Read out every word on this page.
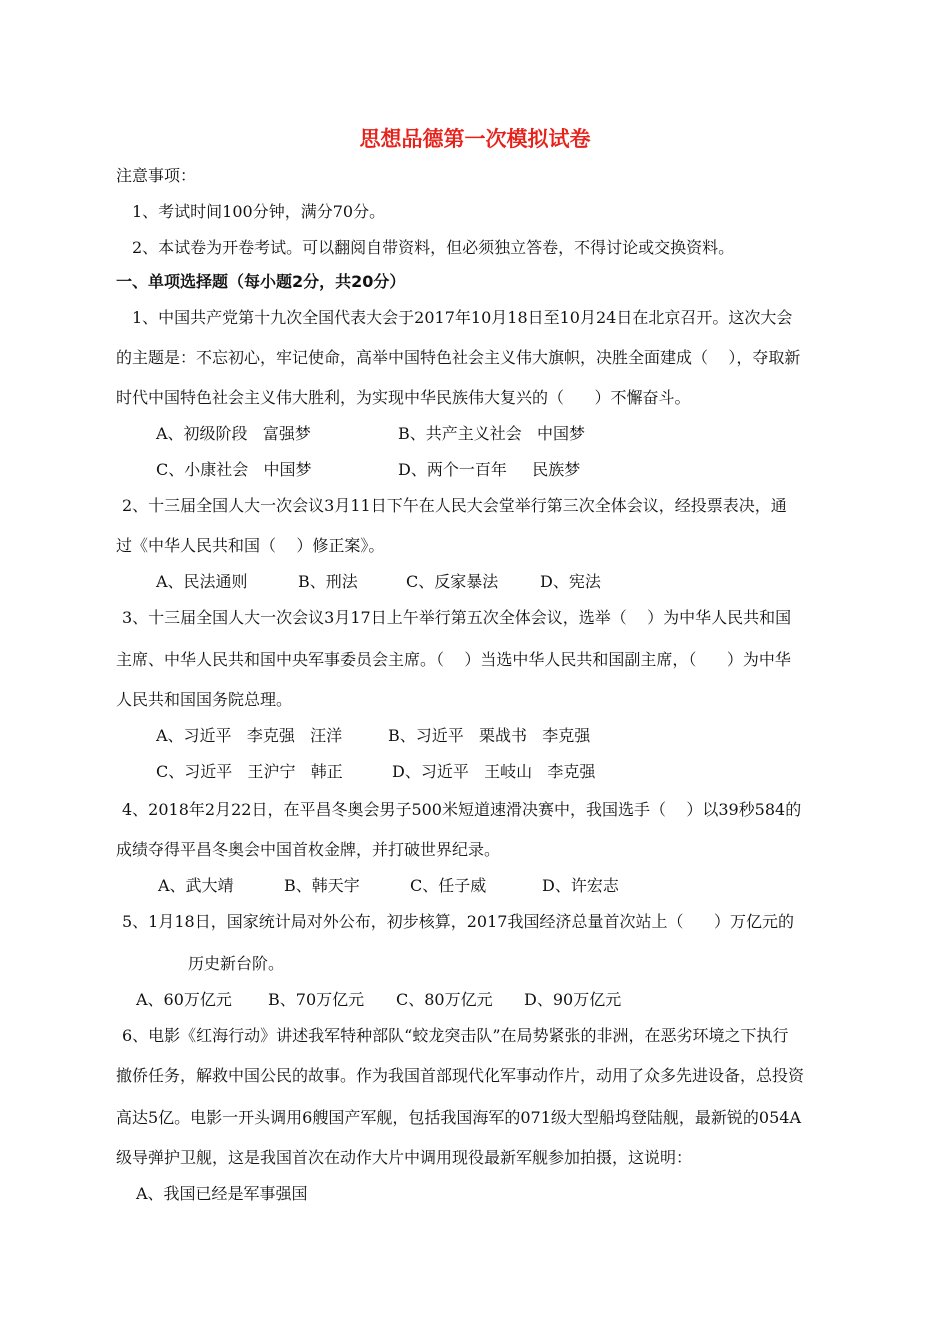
思想品德第一次模拟试卷
注意事项：
1、考试时间100分钟，满分70分。
2、本试卷为开卷考试。可以翻阅自带资料，但必须独立答卷，不得讨论或交换资料。
一、单项选择题（每小题2分，共20分）
1、中国共产党第十九次全国代表大会于2017年10月18日至10月24日在北京召开。这次大会
的主题是：不忘初心，牢记使命，高举中国特色社会主义伟大旗帜，决胜全面建成（    ），夺取新
时代中国特色社会主义伟大胜利，为实现中华民族伟大复兴的（      ）不懈奋斗。
A、初级阶段   富强梦	B、共产主义社会   中国梦
C、小康社会   中国梦	D、两个一百年     民族梦
2、十三届全国人大一次会议3月11日下午在人民大会堂举行第三次全体会议，经投票表决，通
过《中华人民共和国（    ）修正案》。
A、民法通则	B、刑法	C、反家暴法	D、宪法
3、十三届全国人大一次会议3月17日上午举行第五次全体会议，选举（    ）为中华人民共和国
主席、中华人民共和国中央军事委员会主席。（    ）当选中华人民共和国副主席，（      ）为中华
人民共和国国务院总理。
A、习近平   李克强   汪洋	B、习近平   栗战书   李克强
C、习近平   王沪宁   韩正	D、习近平   王岐山   李克强
4、2018年2月22日，在平昌冬奥会男子500米短道速滑决赛中，我国选手（    ）以39秒584的
成绩夺得平昌冬奥会中国首枚金牌，并打破世界纪录。
A、武大靖	B、韩天宇	C、任子威	D、许宏志
5、1月18日，国家统计局对外公布，初步核算，2017我国经济总量首次站上（      ）万亿元的
历史新台阶。
A、60万亿元 B、70万亿元 C、80万亿元 D、90万亿元
6、电影《红海行动》讲述我军特种部队“蛟龙突击队”在局势紧张的非洲，在恶劣环境之下执行
撤侨任务，解救中国公民的故事。作为我国首部现代化军事动作片，动用了众多先进设备，总投资
高达5亿。电影一开头调用6艘国产军舰，包括我国海军的071级大型船坞登陆舰，最新锐的054A
级导弹护卫舰，这是我国首次在动作大片中调用现役最新军舰参加拍摄，这说明：
A、我国已经是军事强国
